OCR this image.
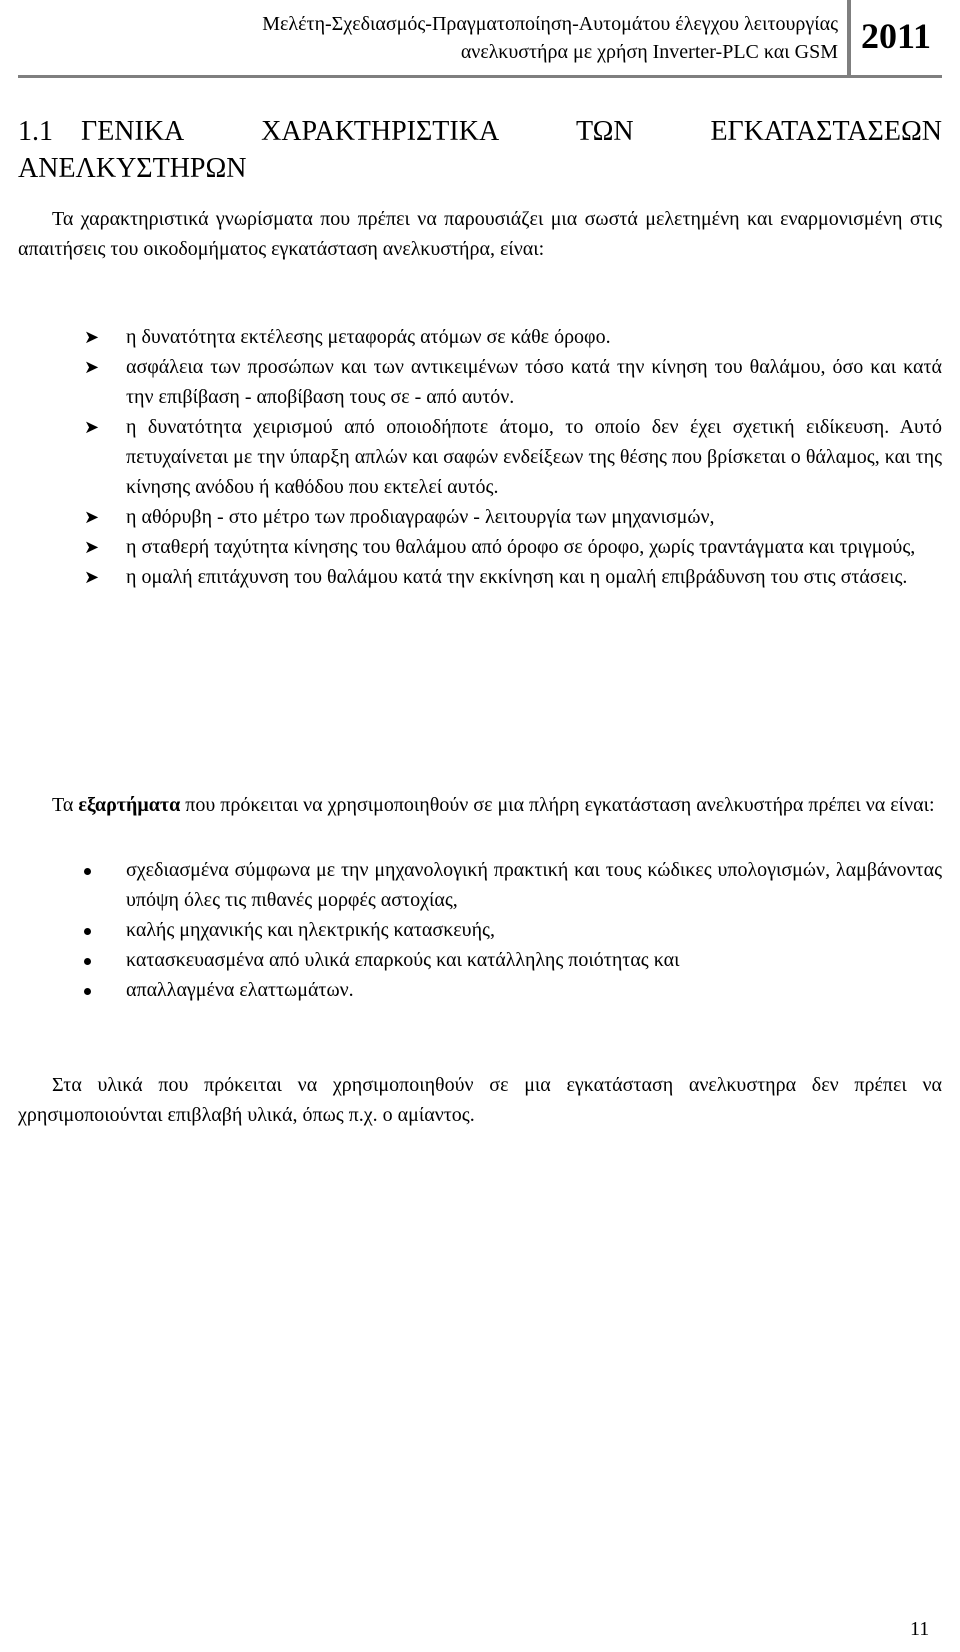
Μελέτη-Σχεδιασμός-Πραγματοποίηση-Αυτομάτου έλεγχου λειτουργίας
ανελκυστήρα με χρήση Inverter-PLC και GSM 2011
1.1 ΓΕΝΙΚΑ	ΧΑΡΑΚΤΗΡΙΣΤΙΚΑ	ΤΩΝ	ΕΓΚΑΤΑΣΤΑΣΕΩΝ
ΑΝΕΛΚΥΣΤΗΡΩΝ
Τα χαρακτηριστικά γνωρίσματα που πρέπει να παρουσιάζει μια σωστά μελετημένη και εναρμονισμένη στις απαιτήσεις του οικοδομήματος εγκατάσταση ανελκυστήρα, είναι:
➤ η δυνατότητα εκτέλεσης μεταφοράς ατόμων σε κάθε όροφο.
➤ ασφάλεια των προσώπων και των αντικειμένων τόσο κατά την κίνηση του θαλάμου, όσο και κατά την επιβίβαση - αποβίβαση τους σε - από αυτόν.
➤ η δυνατότητα χειρισμού από οποιοδήποτε άτομο, το οποίο δεν έχει σχετική ειδίκευση. Αυτό πετυχαίνεται με την ύπαρξη απλών και σαφών ενδείξεων της θέσης που βρίσκεται ο θάλαμος, και της κίνησης ανόδου ή καθόδου που εκτελεί αυτός.
➤ η αθόρυβη - στο μέτρο των προδιαγραφών - λειτουργία των μηχανισμών,
➤ η σταθερή ταχύτητα κίνησης του θαλάμου από όροφο σε όροφο, χωρίς τραντάγματα και τριγμούς,
➤ η ομαλή επιτάχυνση του θαλάμου κατά την εκκίνηση και η ομαλή επιβράδυνση του στις στάσεις.
Τα εξαρτήματα που πρόκειται να χρησιμοποιηθούν σε μια πλήρη εγκατάσταση ανελκυστήρα πρέπει να είναι:
σχεδιασμένα σύμφωνα με την μηχανολογική πρακτική και τους κώδικες υπολογισμών, λαμβάνοντας υπόψη όλες τις πιθανές μορφές αστοχίας,
καλής μηχανικής και ηλεκτρικής κατασκευής,
κατασκευασμένα από υλικά επαρκούς και κατάλληλης ποιότητας και
απαλλαγμένα ελαττωμάτων.
Στα υλικά που πρόκειται να χρησιμοποιηθούν σε μια εγκατάσταση ανελκυστηρα δεν πρέπει να χρησιμοποιούνται επιβλαβή υλικά, όπως π.χ. ο αμίαντος.
11
